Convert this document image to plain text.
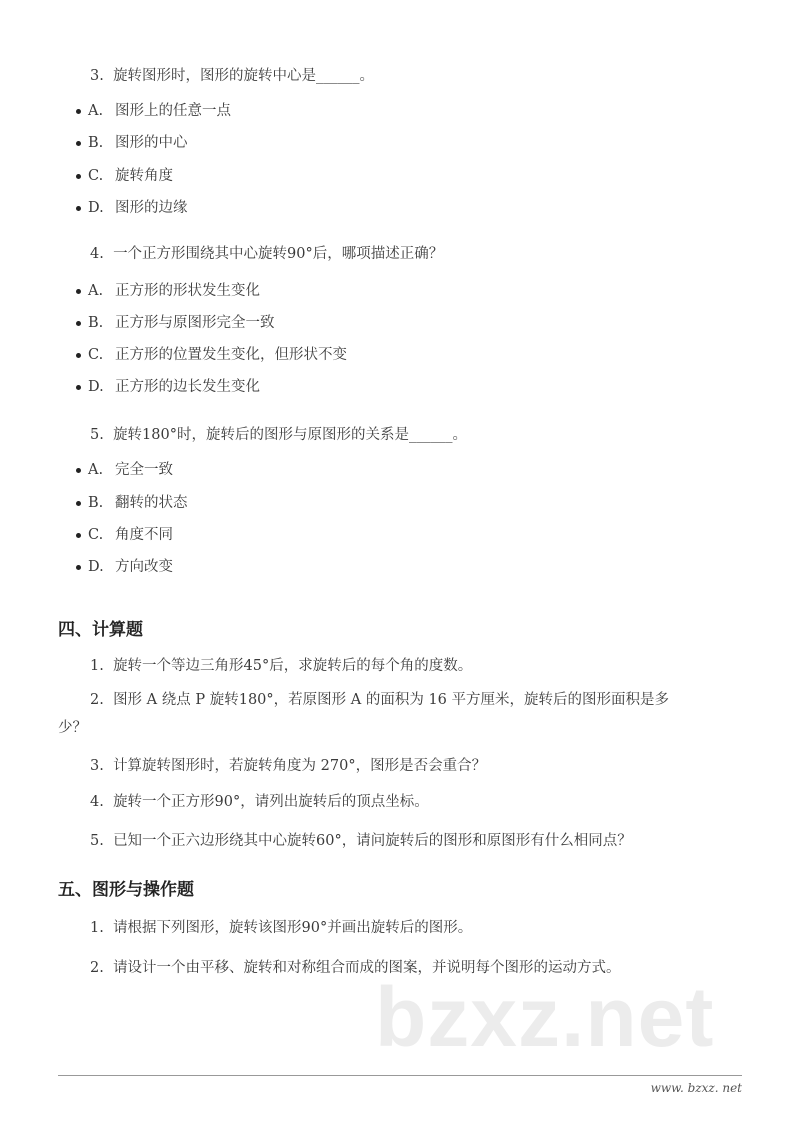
3. 旋转图形时，图形的旋转中心是______。
A. 图形上的任意一点
B. 图形的中心
C. 旋转角度
D. 图形的边缘
4. 一个正方形围绕其中心旋转90°后，哪项描述正确？
A. 正方形的形状发生变化
B. 正方形与原图形完全一致
C. 正方形的位置发生变化，但形状不变
D. 正方形的边长发生变化
5. 旋转180°时，旋转后的图形与原图形的关系是______。
A. 完全一致
B. 翻转的状态
C. 角度不同
D. 方向改变
四、计算题
1. 旋转一个等边三角形45°后，求旋转后的每个角的度数。
2. 图形 A 绕点 P 旋转180°，若原图形 A 的面积为 16 平方厘米，旋转后的图形面积是多
少？
3. 计算旋转图形时，若旋转角度为 270°，图形是否会重合？
4. 旋转一个正方形90°，请列出旋转后的顶点坐标。
5. 已知一个正六边形绕其中心旋转60°，请问旋转后的图形和原图形有什么相同点？
五、图形与操作题
1. 请根据下列图形，旋转该图形90°并画出旋转后的图形。
2. 请设计一个由平移、旋转和对称组合而成的图案，并说明每个图形的运动方式。
bzxz.net
www. bzxz. net
